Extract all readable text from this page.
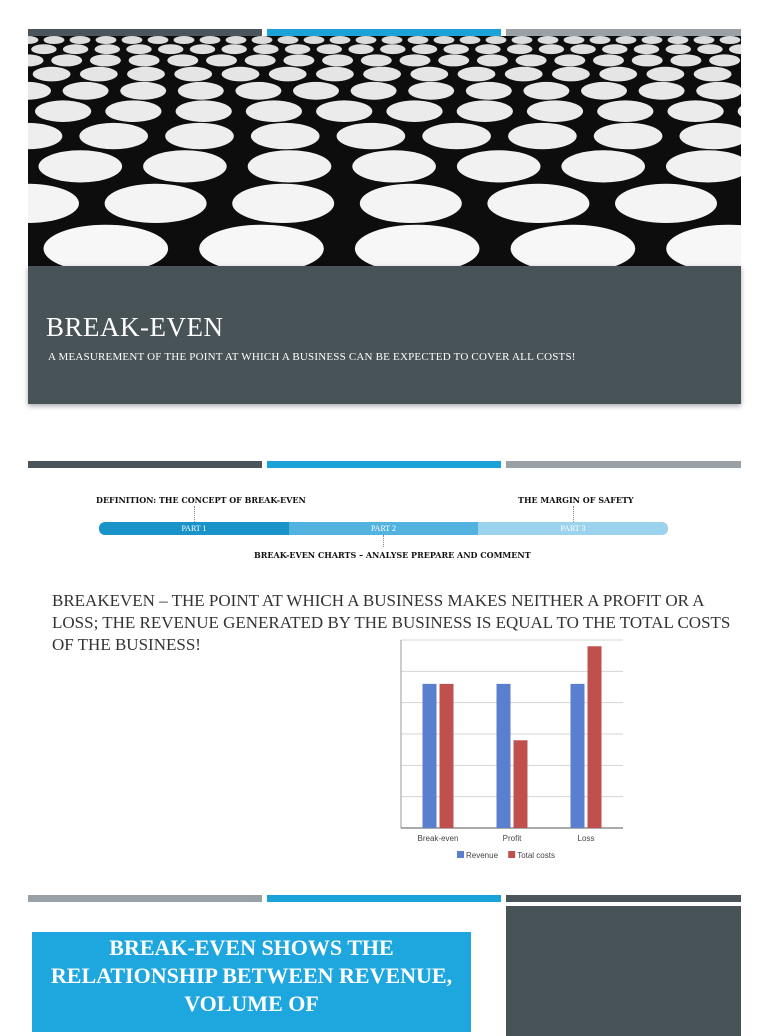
BREAK-EVEN
A MEASUREMENT OF THE POINT AT WHICH A BUSINESS CAN BE EXPECTED TO COVER ALL COSTS!
DEFINITION: THE CONCEPT OF BREAK-EVEN	THE MARGIN OF SAFETY
PART 1	PART 2	PART 3
BREAK-EVEN CHARTS – ANALYSE PREPARE AND COMMENT
BREAKEVEN – THE POINT AT WHICH A BUSINESS MAKES NEITHER A PROFIT OR A LOSS; THE REVENUE GENERATED BY THE BUSINESS IS EQUAL TO THE TOTAL COSTS OF THE BUSINESS!
Break-even	Profit	Loss
Revenue Total costs

BREAK-EVEN SHOWS THE RELATIONSHIP BETWEEN REVENUE, VOLUME OF
